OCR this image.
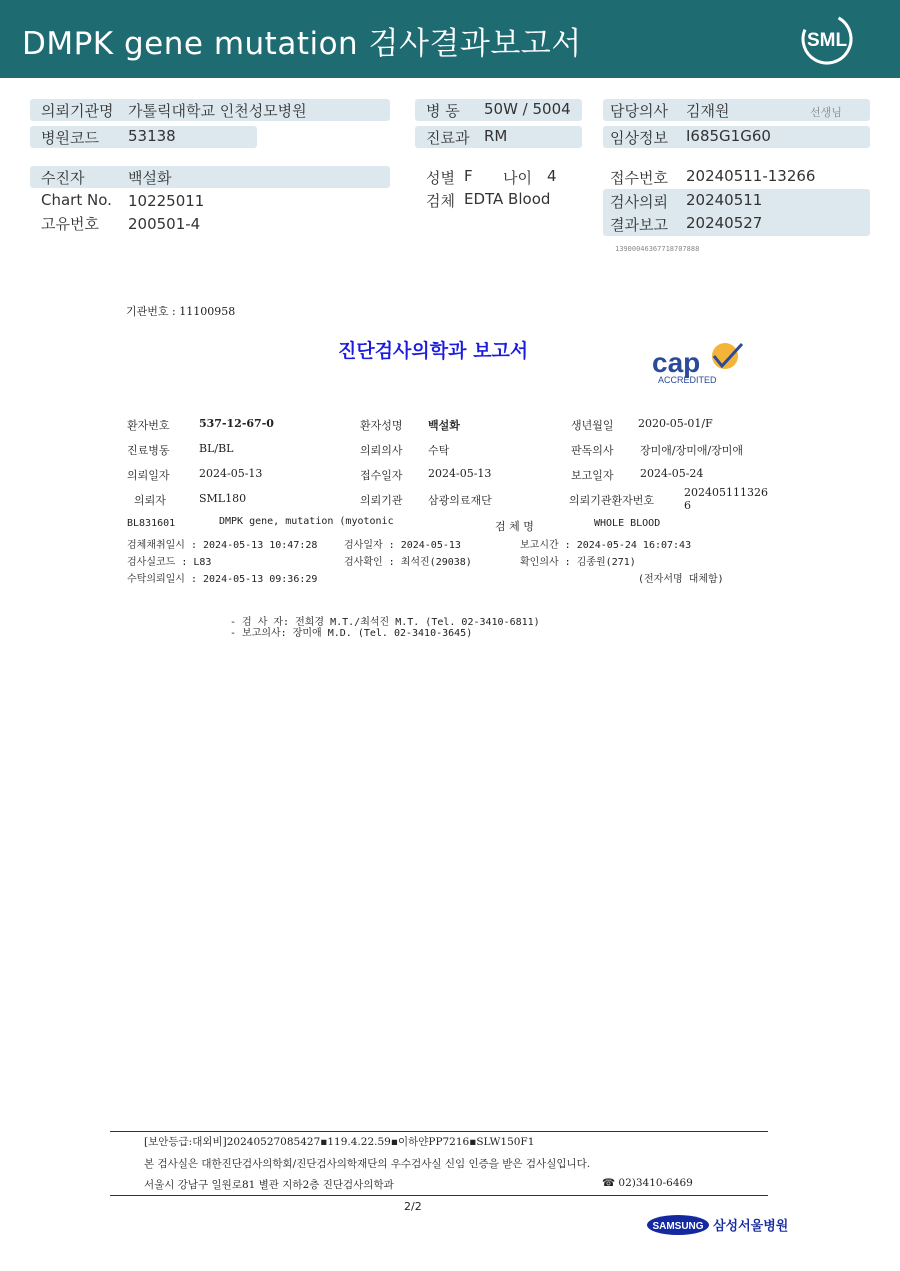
DMPK gene mutation 검사결과보고서	SML
의뢰기관명 가톨릭대학교 인천성모병원
병원코드 53138
수진자	백설화
Chart No. 10225011
고유번호 200501-4
병 동 50W / 5004
진료과 RM
성별 F 나이 4
검체 EDTA Blood
담당의사 김재원	선생님
임상정보 I685G1G60
접수번호 20240511-13266
검사의뢰 20240511
결과보고 20240527
13900046367718707888
기관번호 : 11100958
진단검사의학과 보고서	cap
ACCREDITED
환자번호	537-12-67-0	환자성명 백설화	생년월일 2020-05-01/F
진료병동	BL/BL	의뢰의사 수탁	판독의사 장미애/장미애/장미애
의뢰일자	2024-05-13	접수일자 2024-05-13	보고일자 2024-05-24
의뢰자	SML180	의뢰기관 삼광의료재단	의뢰기관환자번호
202405111326
6
BL831601	DMPK gene, mutation (myotonic	검 체 명	WHOLE BLOOD
검체채취일시 : 2024-05-13 10:47:28	검사일자 : 2024-05-13	보고시간 : 2024-05-24 16:07:43
검사실코드 : L83	검사확인 : 최석진(29038)	확인의사 : 김종원(271)
수탁의뢰일시 : 2024-05-13 09:36:29	(전자서명 대체함)
- 검 사 자: 전희경 M.T./최석진 M.T. (Tel. 02-3410-6811)
- 보고의사: 장미애 M.D. (Tel. 02-3410-3645)
[보안등급:대외비]20240527085427▪119.4.22.59▪이하얀PP7216▪SLW150F1
본 검사실은 대한진단검사의학회/진단검사의학재단의 우수검사실 신임 인증을 받은 검사실입니다.
서울시 강남구 일원로81 별관 지하2층 진단검사의학과	☎ 02)3410-6469
2/2
SAMSUNG 삼성서울병원
